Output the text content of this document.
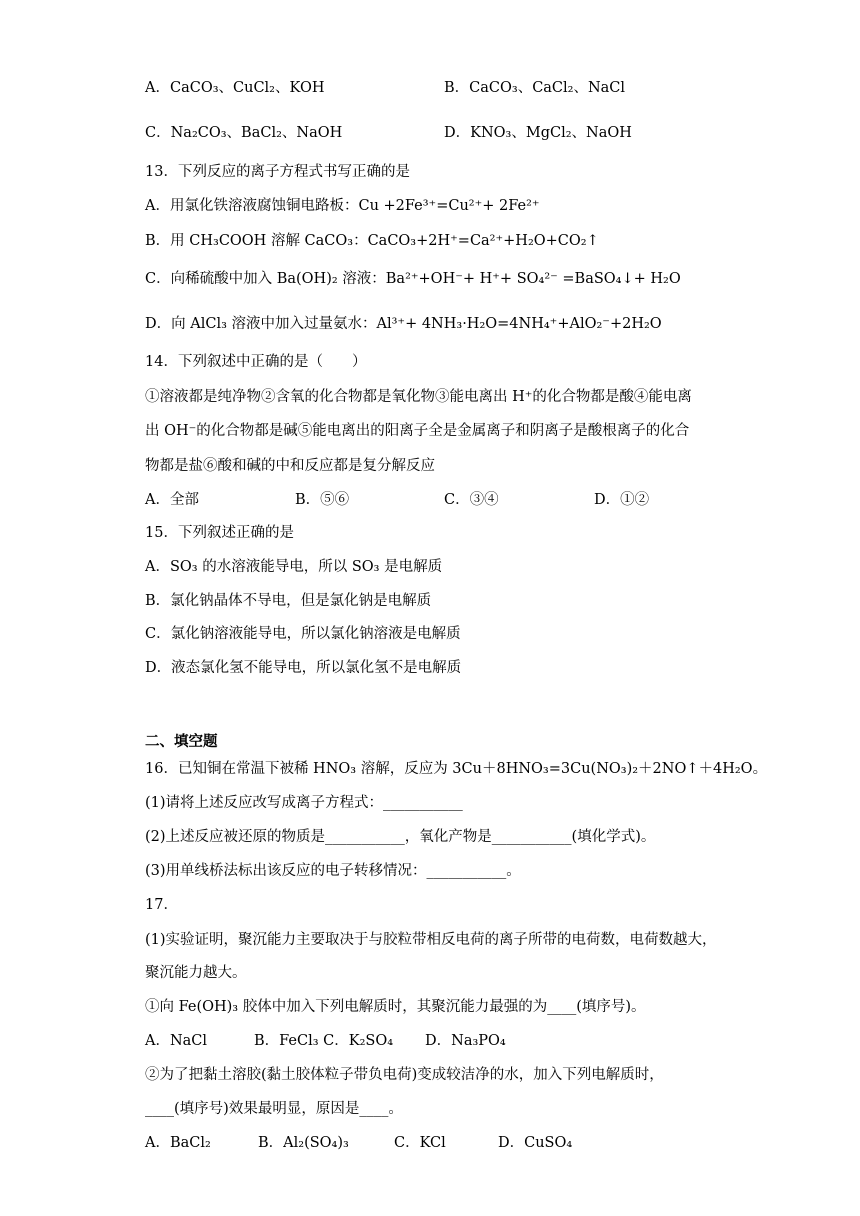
A．CaCO₃、CuCl₂、KOH	B．CaCO₃、CaCl₂、NaCl
C．Na₂CO₃、BaCl₂、NaOH	D．KNO₃、MgCl₂、NaOH
13．下列反应的离子方程式书写正确的是
A．用氯化铁溶液腐蚀铜电路板：Cu +2Fe³⁺=Cu²⁺+ 2Fe²⁺
B．用 CH₃COOH 溶解 CaCO₃：CaCO₃+2H⁺=Ca²⁺+H₂O+CO₂↑
C．向稀硫酸中加入 Ba(OH)₂ 溶液：Ba²⁺+OH⁻+ H⁺+ SO₄²⁻ =BaSO₄↓+ H₂O
D．向 AlCl₃ 溶液中加入过量氨水：Al³⁺+ 4NH₃·H₂O=4NH₄⁺+AlO₂⁻+2H₂O
14．下列叙述中正确的是（　　）
①溶液都是纯净物②含氧的化合物都是氧化物③能电离出 H⁺的化合物都是酸④能电离
出 OH⁻的化合物都是碱⑤能电离出的阳离子全是金属离子和阴离子是酸根离子的化合
物都是盐⑥酸和碱的中和反应都是复分解反应
A．全部	B．⑤⑥	C．③④	D．①②
15．下列叙述正确的是
A．SO₃ 的水溶液能导电，所以 SO₃ 是电解质
B．氯化钠晶体不导电，但是氯化钠是电解质
C．氯化钠溶液能导电，所以氯化钠溶液是电解质
D．液态氯化氢不能导电，所以氯化氢不是电解质
二、填空题
16．已知铜在常温下被稀 HNO₃ 溶解，反应为 3Cu＋8HNO₃=3Cu(NO₃)₂＋2NO↑＋4H₂O。
(1)请将上述反应改写成离子方程式：___________
(2)上述反应被还原的物质是___________，氧化产物是___________(填化学式)。
(3)用单线桥法标出该反应的电子转移情况：___________。
17．
(1)实验证明，聚沉能力主要取决于与胶粒带相反电荷的离子所带的电荷数，电荷数越大，
聚沉能力越大。
①向 Fe(OH)₃ 胶体中加入下列电解质时，其聚沉能力最强的为____(填序号)。
A．NaCl	B．FeCl₃ C．K₂SO₄ D．Na₃PO₄
②为了把黏土溶胶(黏土胶体粒子带负电荷)变成较洁净的水，加入下列电解质时，
____(填序号)效果最明显，原因是____。
A．BaCl₂	B．Al₂(SO₄)₃	C．KCl	D．CuSO₄
